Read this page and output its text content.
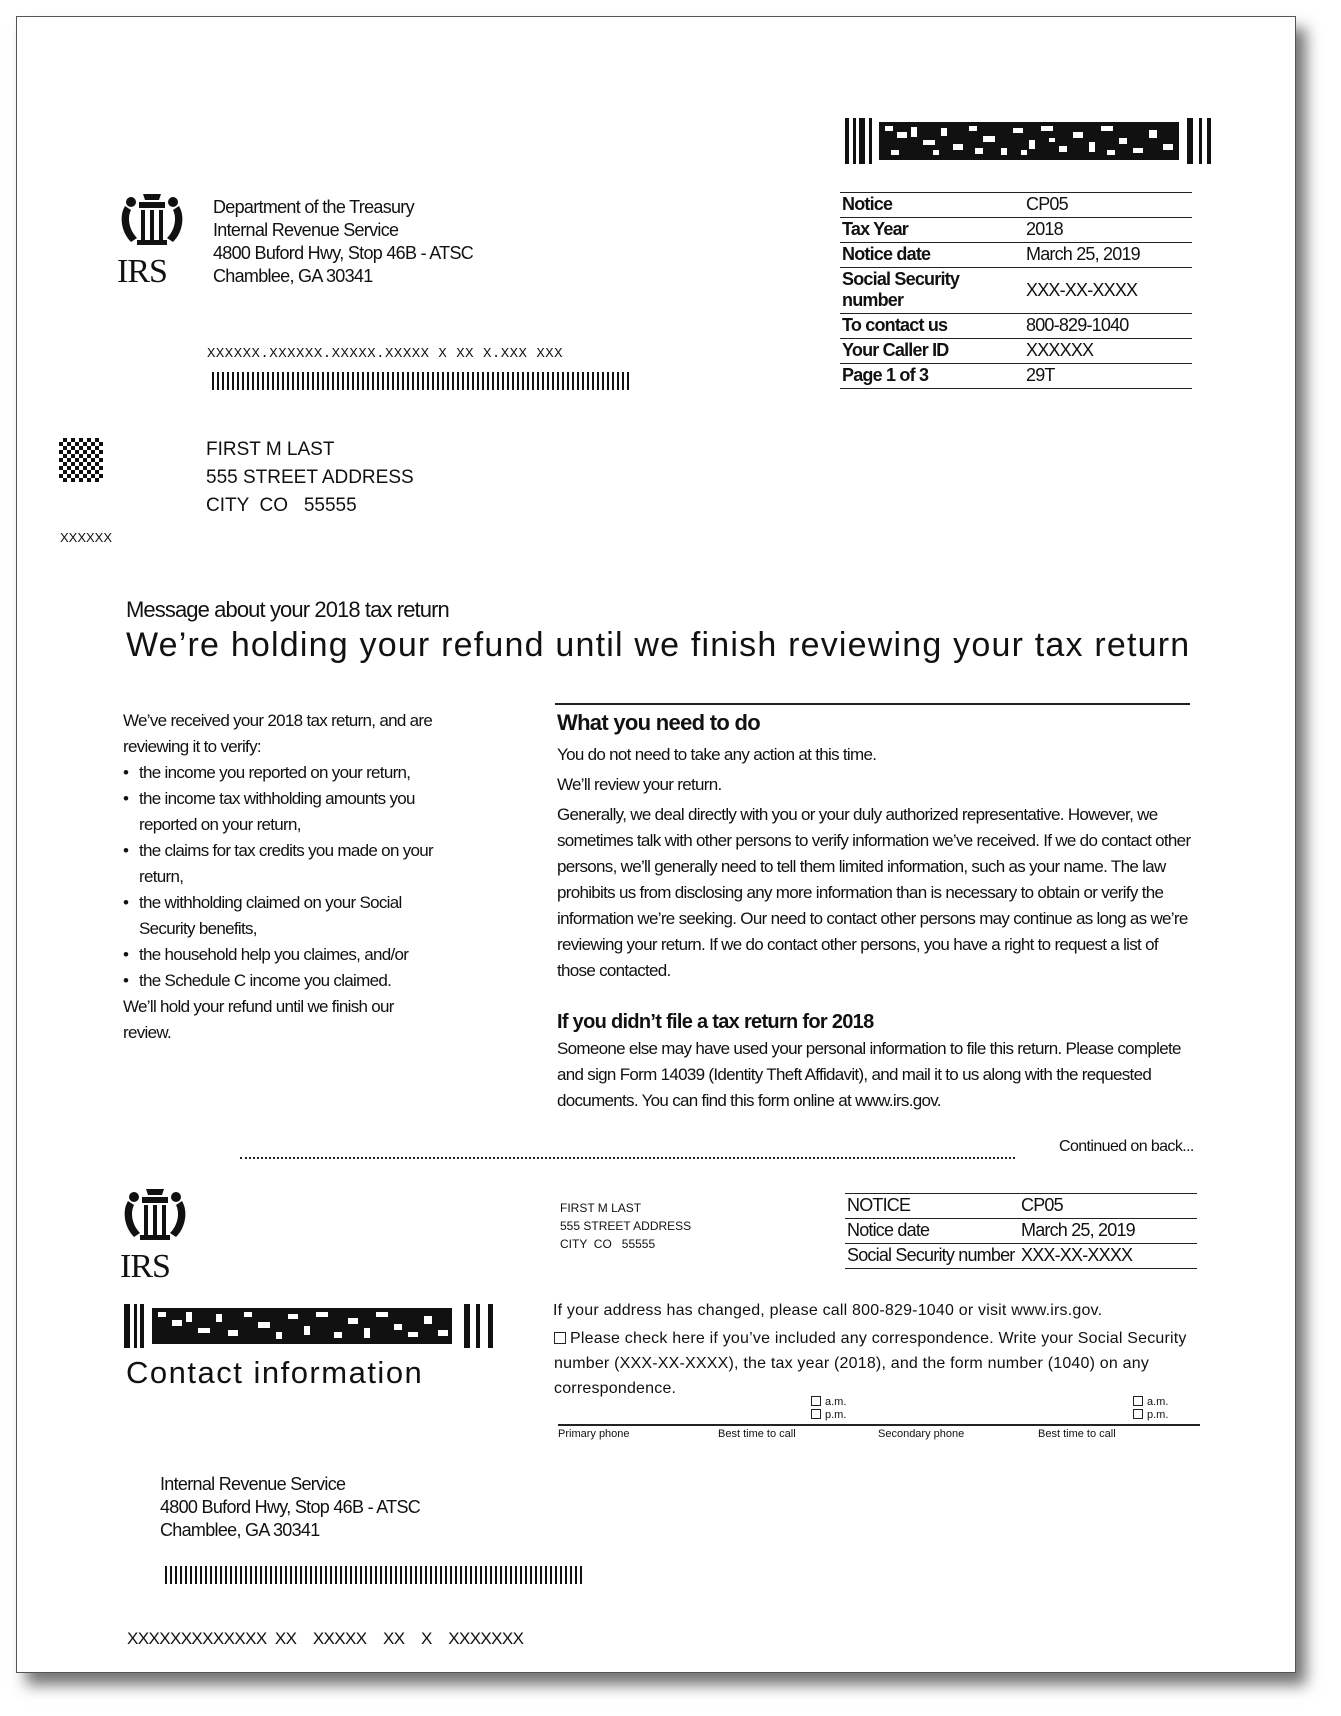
IRS
Department of the Treasury
Internal Revenue Service
4800 Buford Hwy, Stop 46B - ATSC
Chamblee, GA 30341
Notice	CP05
Tax Year	2018
Notice date	March 25, 2019
Social Security number	XXX-XX-XXXX
To contact us	800-829-1040
Your Caller ID	XXXXXX
Page 1 of 3	29T
XXXXXX.XXXXXX.XXXXX.XXXXX X XX X.XXX XXX
FIRST M LAST
555 STREET ADDRESS
CITY  CO   55555
XXXXXX
Message about your 2018 tax return
We’re holding your refund until we finish reviewing your tax return
We’ve received your 2018 tax return, and are reviewing it to verify:
• the income you reported on your return,
• the income tax withholding amounts you reported on your return,
• the claims for tax credits you made on your return,
• the withholding claimed on your Social Security benefits,
• the household help you claimes, and/or
• the Schedule C income you claimed.
We’ll hold your refund until we finish our review.
What you need to do
You do not need to take any action at this time.
We’ll review your return.
Generally, we deal directly with you or your duly authorized representative. However, we sometimes talk with other persons to verify information we’ve received. If we do contact other persons, we’ll generally need to tell them limited information, such as your name. The law prohibits us from disclosing any more information than is necessary to obtain or verify the information we’re seeking. Our need to contact other persons may continue as long as we’re reviewing your return. If we do contact other persons, you have a right to request a list of those contacted.
If you didn’t file a tax return for 2018
Someone else may have used your personal information to file this return. Please complete and sign Form 14039 (Identity Theft Affidavit), and mail it to us along with the requested documents. You can find this form online at www.irs.gov.
Continued on back...
IRS
Contact information
FIRST M LAST
555 STREET ADDRESS
CITY  CO   55555
NOTICE	CP05
Notice date	March 25, 2019
Social Security number	XXX-XX-XXXX
If your address has changed, please call 800-829-1040 or visit www.irs.gov.
Please check here if you’ve included any correspondence. Write your Social Security number (XXX-XX-XXXX), the tax year (2018), and the form number (1040) on any correspondence.
a.m.
p.m.
a.m.
p.m.
Primary phone	Best time to call	Secondary phone	Best time to call
Internal Revenue Service
4800 Buford Hwy, Stop 46B - ATSC
Chamblee, GA 30341
XXXXXXXXXXXXX  XX    XXXXX    XX    X    XXXXXXX
